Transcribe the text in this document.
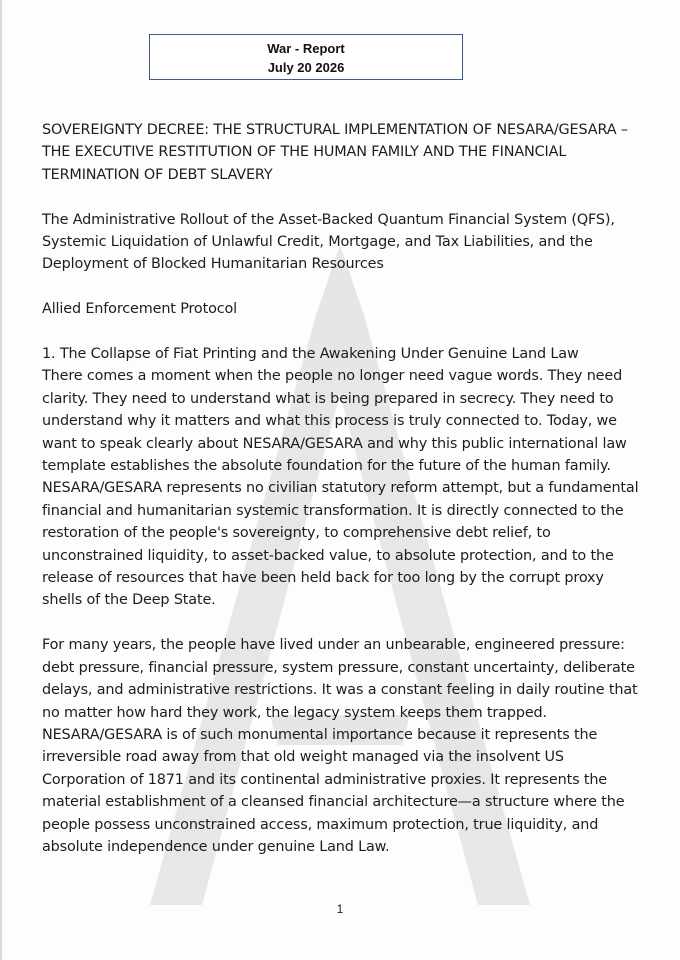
War - Report
July 20 2026

SOVEREIGNTY DECREE: THE STRUCTURAL IMPLEMENTATION OF NESARA/GESARA – THE EXECUTIVE RESTITUTION OF THE HUMAN FAMILY AND THE FINANCIAL TERMINATION OF DEBT SLAVERY

The Administrative Rollout of the Asset-Backed Quantum Financial System (QFS), Systemic Liquidation of Unlawful Credit, Mortgage, and Tax Liabilities, and the Deployment of Blocked Humanitarian Resources

Allied Enforcement Protocol

1. The Collapse of Fiat Printing and the Awakening Under Genuine Land Law
There comes a moment when the people no longer need vague words. They need clarity. They need to understand what is being prepared in secrecy. They need to understand why it matters and what this process is truly connected to. Today, we want to speak clearly about NESARA/GESARA and why this public international law template establishes the absolute foundation for the future of the human family. NESARA/GESARA represents no civilian statutory reform attempt, but a fundamental financial and humanitarian systemic transformation. It is directly connected to the restoration of the people's sovereignty, to comprehensive debt relief, to unconstrained liquidity, to asset-backed value, to absolute protection, and to the release of resources that have been held back for too long by the corrupt proxy shells of the Deep State.

For many years, the people have lived under an unbearable, engineered pressure: debt pressure, financial pressure, system pressure, constant uncertainty, deliberate delays, and administrative restrictions. It was a constant feeling in daily routine that no matter how hard they work, the legacy system keeps them trapped. NESARA/GESARA is of such monumental importance because it represents the irreversible road away from that old weight managed via the insolvent US Corporation of 1871 and its continental administrative proxies. It represents the material establishment of a cleansed financial architecture—a structure where the people possess unconstrained access, maximum protection, true liquidity, and absolute independence under genuine Land Law.

1
